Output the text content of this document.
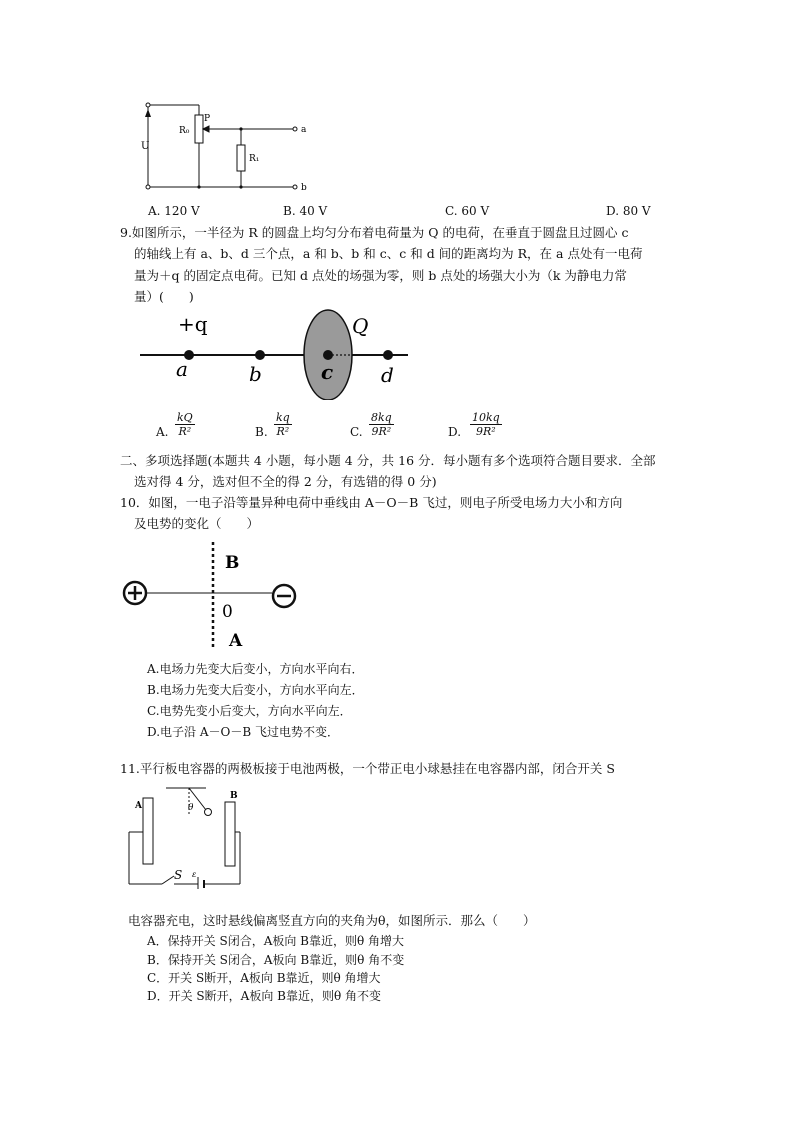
U
R₀
P
R₁
a
b
A. 120 V	B. 40 V	C. 60 V	D. 80 V
9.如图所示，一半径为 R 的圆盘上均匀分布着电荷量为 Q 的电荷，在垂直于圆盘且过圆心 c
的轴线上有 a、b、d 三个点，a 和 b、b 和 c、c 和 d 间的距离均为 R，在 a 点处有一电荷
量为＋q 的固定点电荷。已知 d 点处的场强为零，则 b 点处的场强大小为（k 为静电力常
量）(　　)
+q	Q
a	b	c d
A. $\frac{kQ}{\text{R²}}$	B. $\frac{kq}{\text{R²}}$	C. $\frac{8kq}{\text{9R²}}$	D. $\frac{10kq}{\text{9R²}}$
二、多项选择题(本题共 4 小题，每小题 4 分，共 16 分．每小题有多个选项符合题目要求．全部
选对得 4 分，选对但不全的得 2 分，有选错的得 0 分)
10．如图，一电子沿等量异种电荷中垂线由 A－O－B 飞过，则电子所受电场力大小和方向
及电势的变化（　　）
B
0
A
A.电场力先变大后变小，方向水平向右．
B.电场力先变大后变小，方向水平向左．
C.电势先变小后变大，方向水平向左．
D.电子沿 A－O－B 飞过电势不变．
11.平行板电容器的两极板接于电池两极，一个带正电小球悬挂在电容器内部，闭合开关 S
A
B
θ
S ε
电容器充电，这时悬线偏离竖直方向的夹角为θ，如图所示．那么（　　）
A．保持开关 S闭合，A板向 B靠近，则θ 角增大
B．保持开关 S闭合，A板向 B靠近，则θ 角不变
C．开关 S断开，A板向 B靠近，则θ 角增大
D．开关 S断开，A板向 B靠近，则θ 角不变
